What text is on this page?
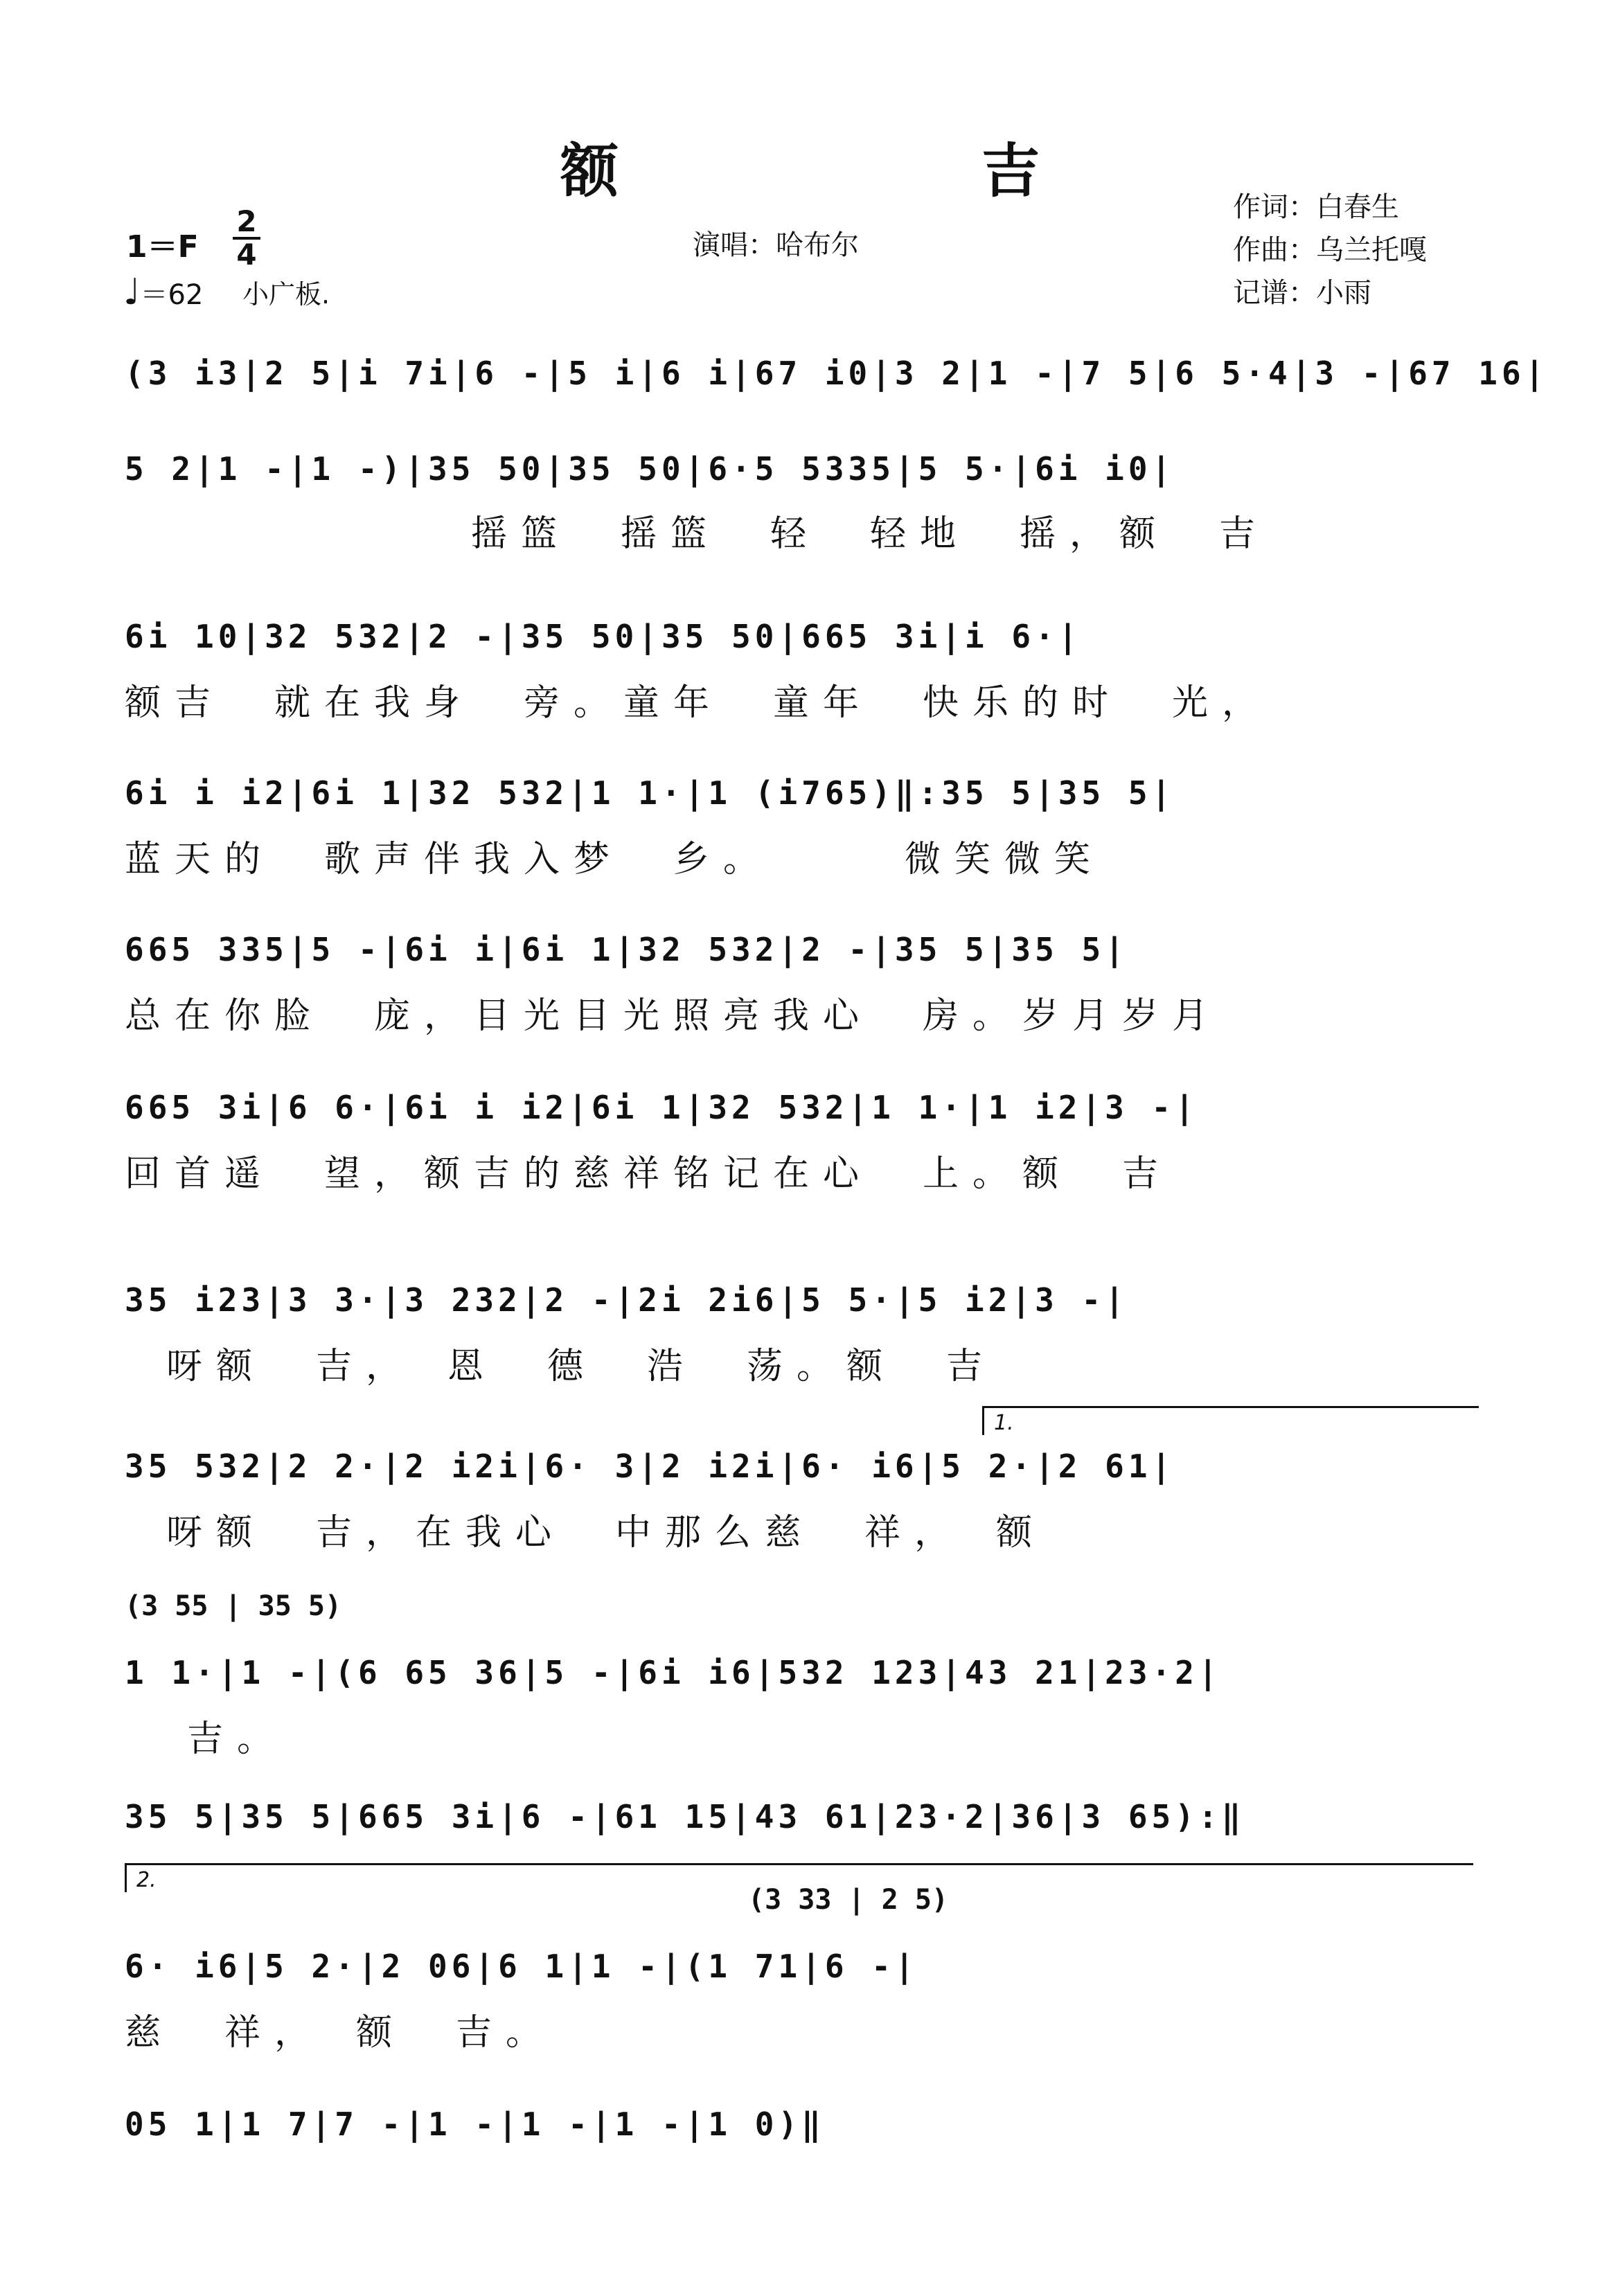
额　吉
作词：白春生
作曲：乌兰托嘎
记谱：小雨
演唱：哈布尔
1＝F
2
4
♩＝62 小广板.
(3 i3|2 5|i 7i|6 -|5 i|6 i|67 i0|3 2|1 -|7 5|6 5·4|3 -|67 16|
5 2|1 -|1 -)|35 50|35 50|6·5 5335|5 5·|6i i0|
摇篮　摇篮　轻　轻地　摇，额　吉
6i 10|32 532|2 -|35 50|35 50|665 3i|i 6·|
额吉　就在我身　旁。童年　童年　快乐的时　光，
6i i i2|6i 1|32 532|1 1·|1 (i765)‖:35 5|35 5|
蓝天的　歌声伴我入梦　乡。　　　微笑微笑
665 335|5 -|6i i|6i 1|32 532|2 -|35 5|35 5|
总在你脸　庞，目光目光照亮我心　房。岁月岁月
665 3i|6 6·|6i i i2|6i 1|32 532|1 1·|1 i2|3 -|
回首遥　望，额吉的慈祥铭记在心　上。额　吉
35 i23|3 3·|3 232|2 -|2i 2i6|5 5·|5 i2|3 -|
呀额　吉，　恩　德　浩　荡。额　吉
1.
35 532|2 2·|2 i2i|6· 3|2 i2i|6· i6|5 2·|2 61|
呀额　吉，在我心　中那么慈　祥，　额
(3 55 | 35 5)
1 1·|1 -|(6 65 36|5 -|6i i6|532 123|43 21|23·2|
吉。
35 5|35 5|665 3i|6 -|61 15|43 61|23·2|36|3 65):‖
2.
(3 33 | 2 5)
6· i6|5 2·|2 06|6 1|1 -|(1 71|6 -|
慈　祥，　额　吉。
05 1|1 7|7 -|1 -|1 -|1 -|1 0)‖
